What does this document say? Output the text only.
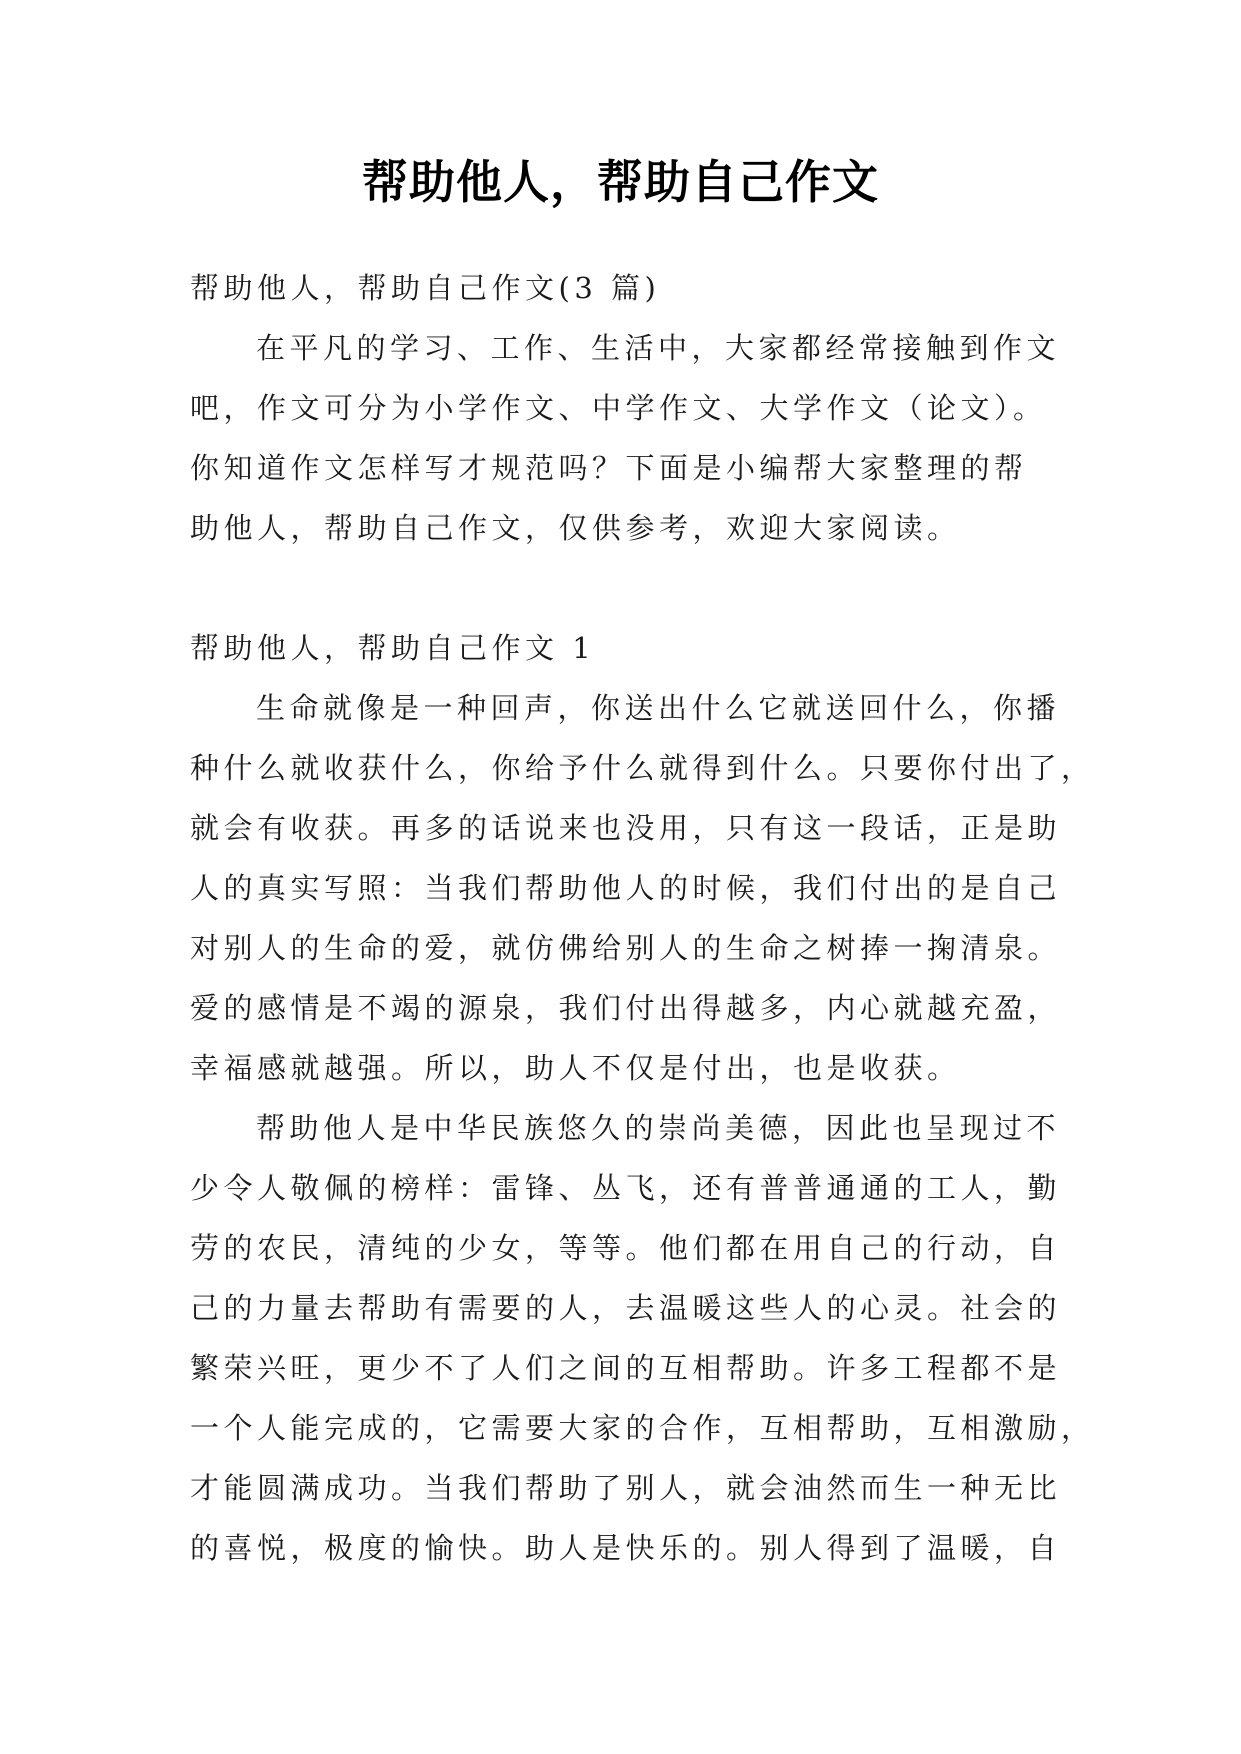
帮助他人，帮助自己作文
帮助他人，帮助自己作文(3 篇)
在平凡的学习、工作、生活中，大家都经常接触到作文
吧，作文可分为小学作文、中学作文、大学作文（论文）。
你知道作文怎样写才规范吗？下面是小编帮大家整理的帮
助他人，帮助自己作文，仅供参考，欢迎大家阅读。
帮助他人，帮助自己作文 1
生命就像是一种回声，你送出什么它就送回什么，你播
种什么就收获什么，你给予什么就得到什么。只要你付出了，
就会有收获。再多的话说来也没用，只有这一段话，正是助
人的真实写照：当我们帮助他人的时候，我们付出的是自己
对别人的生命的爱，就仿佛给别人的生命之树捧一掬清泉。
爱的感情是不竭的源泉，我们付出得越多，内心就越充盈，
幸福感就越强。所以，助人不仅是付出，也是收获。
帮助他人是中华民族悠久的崇尚美德，因此也呈现过不
少令人敬佩的榜样：雷锋、丛飞，还有普普通通的工人，勤
劳的农民，清纯的少女，等等。他们都在用自己的行动，自
己的力量去帮助有需要的人，去温暖这些人的心灵。社会的
繁荣兴旺，更少不了人们之间的互相帮助。许多工程都不是
一个人能完成的，它需要大家的合作，互相帮助，互相激励，
才能圆满成功。当我们帮助了别人，就会油然而生一种无比
的喜悦，极度的愉快。助人是快乐的。别人得到了温暖，自
